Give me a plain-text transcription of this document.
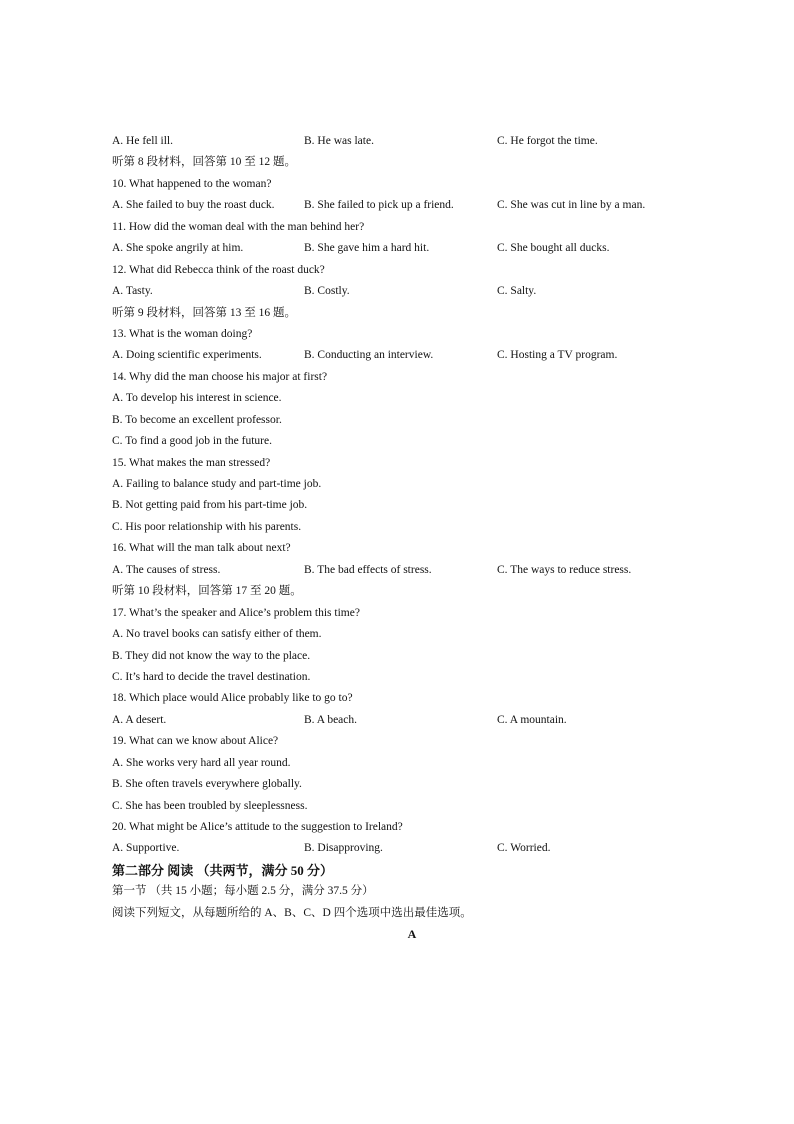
A. He fell ill.	B. He was late.	C. He forgot the time.
听第 8 段材料，回答第 10 至 12 题。
10. What happened to the woman?
A. She failed to buy the roast duck.	B. She failed to pick up a friend.	C. She was cut in line by a man.
11. How did the woman deal with the man behind her?
A. She spoke angrily at him.	B. She gave him a hard hit.	C. She bought all ducks.
12. What did Rebecca think of the roast duck?
A. Tasty.	B. Costly.	C. Salty.
听第 9 段材料，回答第 13 至 16 题。
13. What is the woman doing?
A. Doing scientific experiments.	B. Conducting an interview.	C. Hosting a TV program.
14. Why did the man choose his major at first?
A. To develop his interest in science.
B. To become an excellent professor.
C. To find a good job in the future.
15. What makes the man stressed?
A. Failing to balance study and part-time job.
B. Not getting paid from his part-time job.
C. His poor relationship with his parents.
16. What will the man talk about next?
A. The causes of stress.	B. The bad effects of stress.	C. The ways to reduce stress.
听第 10 段材料，回答第 17 至 20 题。
17. What’s the speaker and Alice’s problem this time?
A. No travel books can satisfy either of them.
B. They did not know the way to the place.
C. It’s hard to decide the travel destination.
18. Which place would Alice probably like to go to?
A. A desert.	B. A beach.	C. A mountain.
19. What can we know about Alice?
A. She works very hard all year round.
B. She often travels everywhere globally.
C. She has been troubled by sleeplessness.
20. What might be Alice’s attitude to the suggestion to Ireland?
A. Supportive.	B. Disapproving.	C. Worried.
第二部分 阅读 （共两节，满分 50 分）
第一节 （共 15 小题；每小题 2.5 分，满分 37.5 分）
阅读下列短文，从每题所给的 A、B、C、D 四个选项中选出最佳选项。
A
